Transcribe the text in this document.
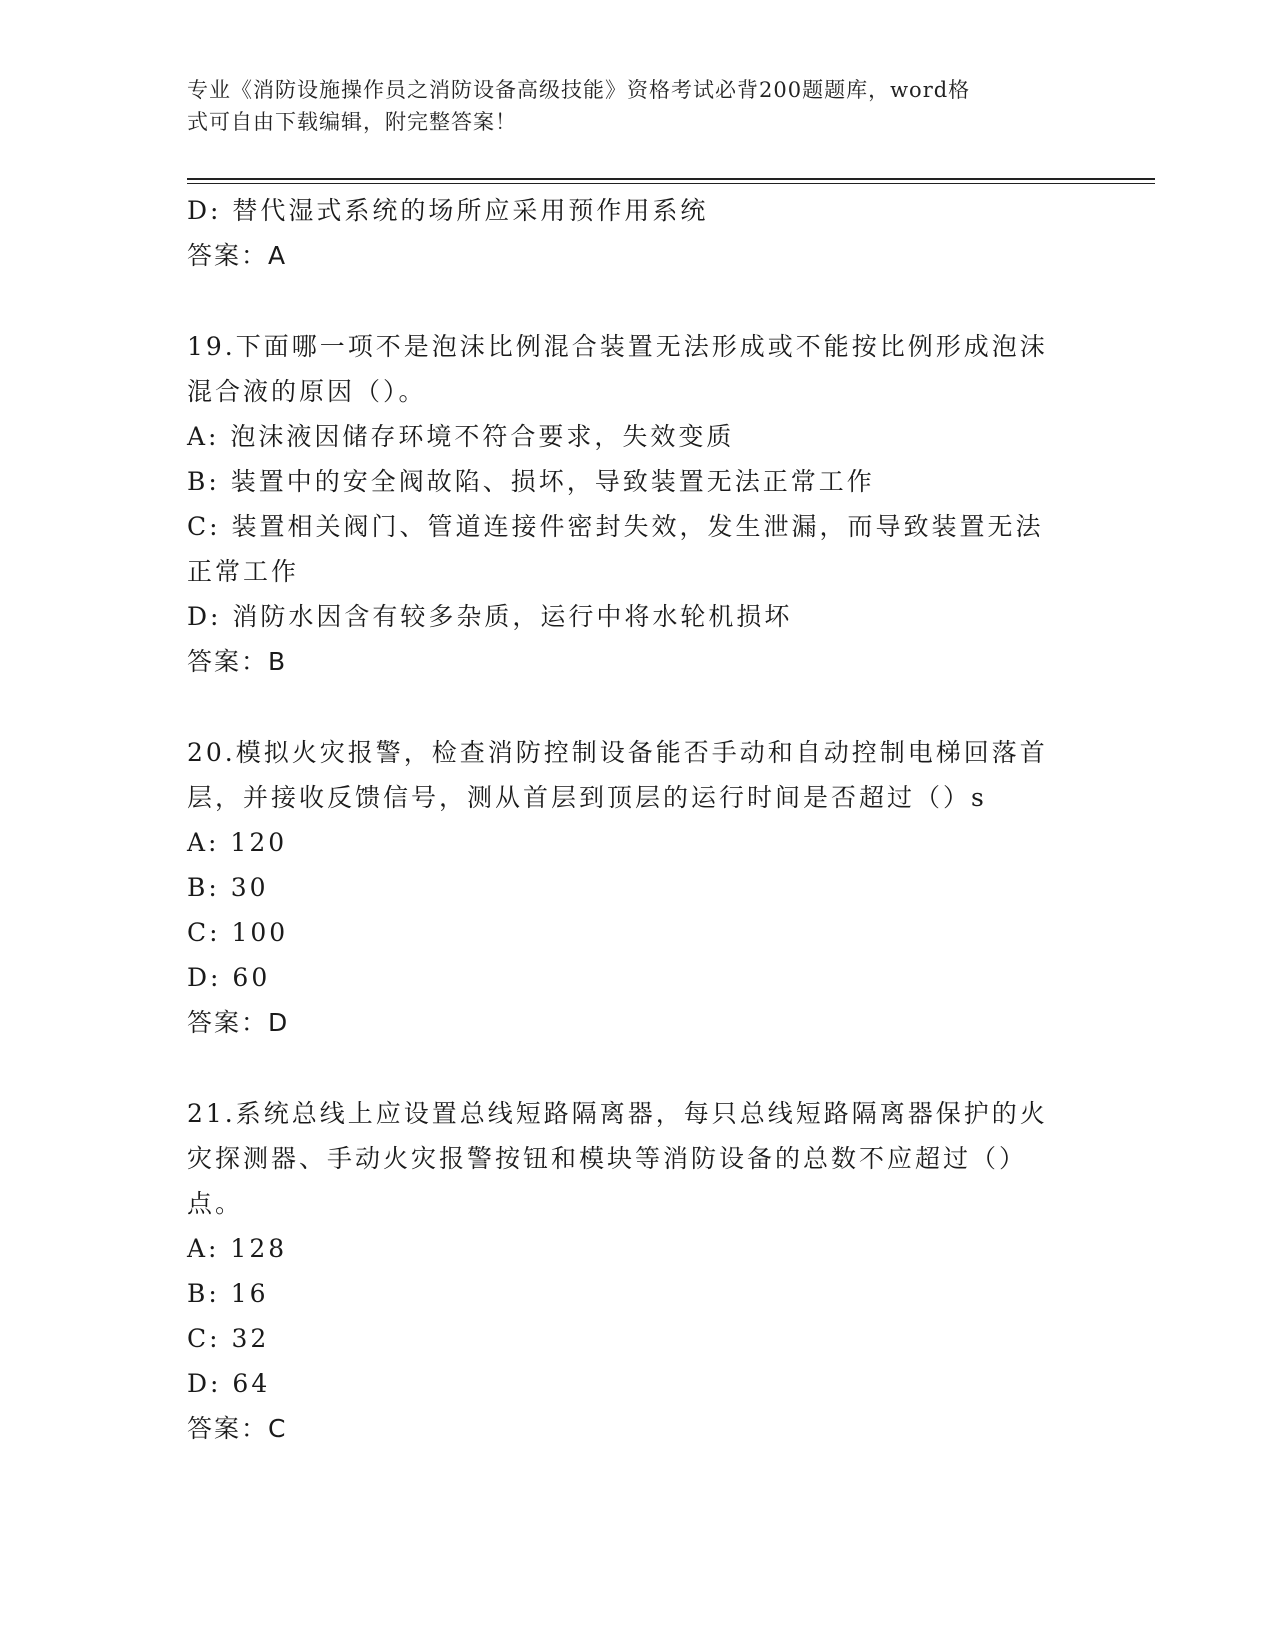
专业《消防设施操作员之消防设备高级技能》资格考试必背200题题库，word格
式可自由下载编辑，附完整答案！
D: 替代湿式系统的场所应采用预作用系统
答案：A
19.下面哪一项不是泡沫比例混合装置无法形成或不能按比例形成泡沫
混合液的原因（）。
A: 泡沫液因储存环境不符合要求，失效变质
B: 装置中的安全阀故陷、损坏，导致装置无法正常工作
C: 装置相关阀门、管道连接件密封失效，发生泄漏，而导致装置无法
正常工作
D: 消防水因含有较多杂质，运行中将水轮机损坏
答案：B
20.模拟火灾报警，检查消防控制设备能否手动和自动控制电梯回落首
层，并接收反馈信号，测从首层到顶层的运行时间是否超过（）s
A: 120
B: 30
C: 100
D: 60
答案：D
21.系统总线上应设置总线短路隔离器，每只总线短路隔离器保护的火
灾探测器、手动火灾报警按钮和模块等消防设备的总数不应超过（）
点。
A: 128
B: 16
C: 32
D: 64
答案：C
